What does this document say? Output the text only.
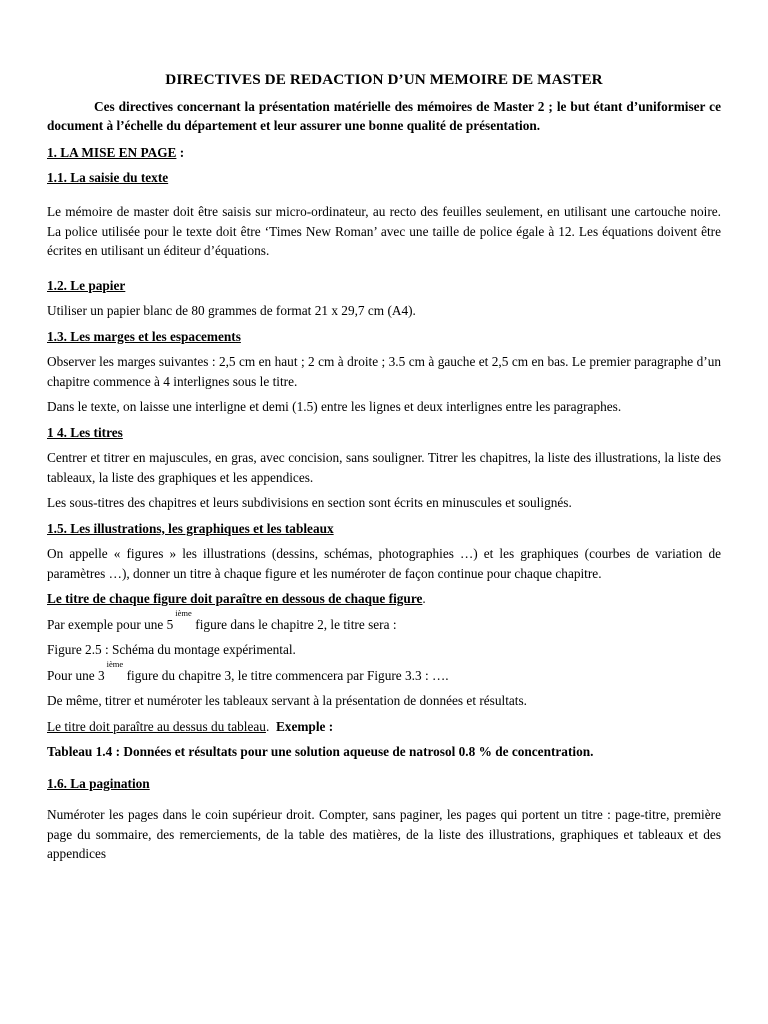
DIRECTIVES DE REDACTION D’UN MEMOIRE DE MASTER

Ces directives concernant la présentation matérielle des mémoires de Master 2 ; le but étant d’uniformiser ce document à l’échelle du département et leur assurer une bonne qualité de présentation.

1. LA MISE EN PAGE :
1.1. La saisie du texte

Le mémoire de master doit être saisis sur micro-ordinateur, au recto des feuilles seulement, en utilisant une cartouche noire. La police utilisée pour le texte doit être ‘Times New Roman’ avec une taille de police égale à 12. Les équations doivent être écrites en utilisant un éditeur d’équations.

1.2. Le papier

Utiliser un papier blanc de 80 grammes de format 21 x 29,7 cm (A4).

1.3. Les marges et les espacements

Observer les marges suivantes : 2,5 cm en haut ; 2 cm à droite ; 3.5 cm à gauche et 2,5 cm en bas. Le premier paragraphe d’un chapitre commence à 4 interlignes sous le titre.

Dans le texte, on laisse une interligne et demi (1.5) entre les lignes et deux interlignes entre les paragraphes.

1 4. Les titres

Centrer et titrer en majuscules, en gras, avec concision, sans souligner. Titrer les chapitres, la liste des illustrations, la liste des tableaux, la liste des graphiques et les appendices.

Les sous-titres des chapitres et leurs subdivisions en section sont écrits en minuscules et soulignés.

1.5. Les illustrations, les graphiques et les tableaux

On appelle « figures » les illustrations (dessins, schémas, photographies …) et les graphiques (courbes de variation de paramètres …), donner un titre à chaque figure et les numéroter de façon continue pour chaque chapitre.

Le titre de chaque figure doit paraître en dessous de chaque figure.

Par exemple pour une 5
ième
figure dans le chapitre 2, le titre sera :

Figure 2.5 : Schéma du montage expérimental.

Pour une 3
ième
figure du chapitre 3, le titre commencera par Figure 3.3 : ….

De même, titrer et numéroter les tableaux servant à la présentation de données et résultats.

Le titre doit paraître au dessus du tableau. Exemple :

Tableau 1.4 : Données et résultats pour une solution aqueuse de natrosol 0.8 % de concentration.

1.6. La pagination

Numéroter les pages dans le coin supérieur droit. Compter, sans paginer, les pages qui portent un titre : page-titre, première page du sommaire, des remerciements, de la table des matières, de la liste des illustrations, graphiques et tableaux et des appendices
